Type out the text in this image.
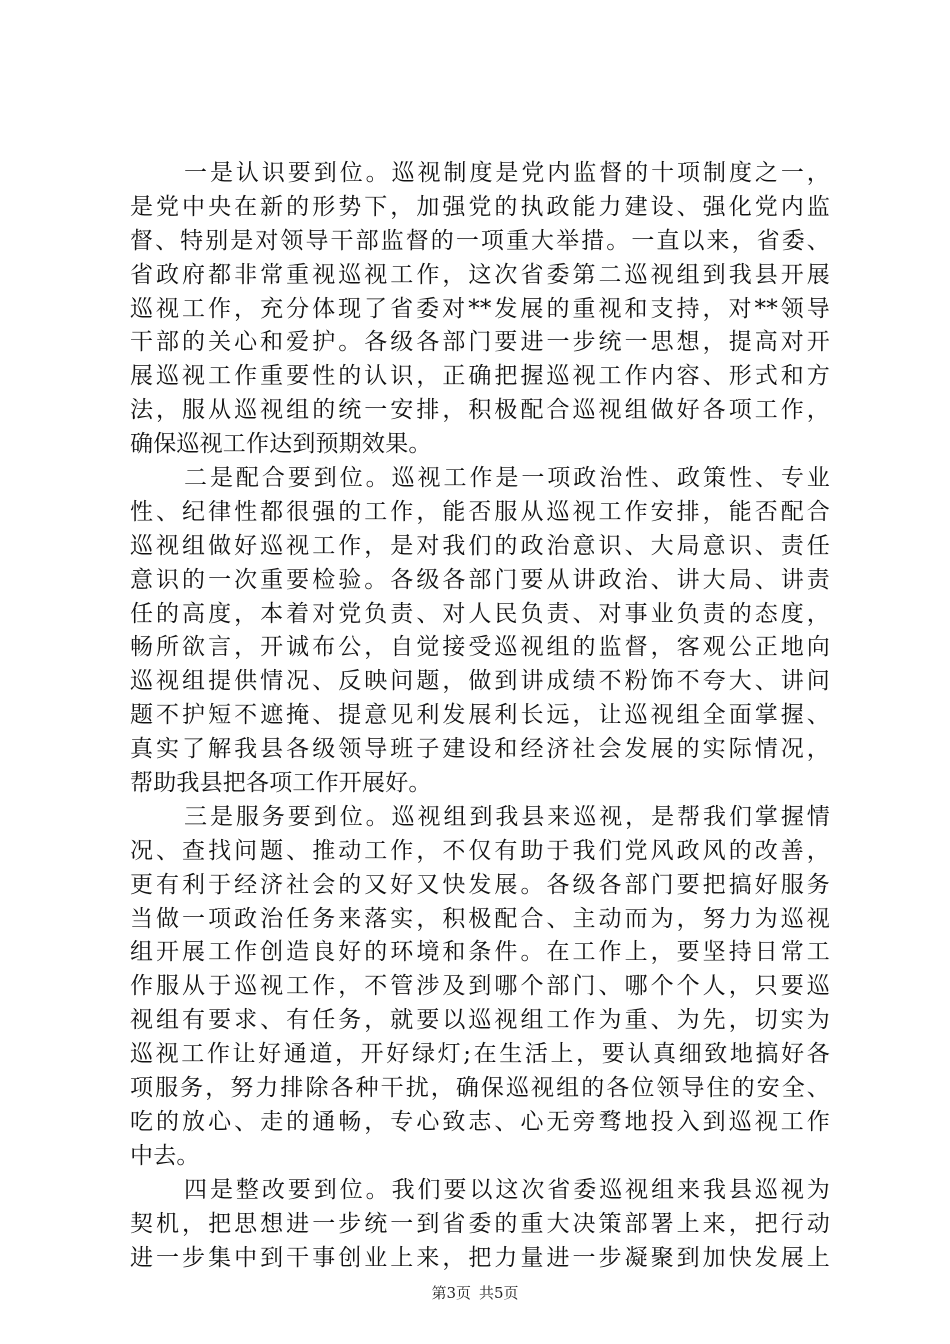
一是认识要到位。巡视制度是党内监督的十项制度之一，
是党中央在新的形势下，加强党的执政能力建设、强化党内监
督、特别是对领导干部监督的一项重大举措。一直以来，省委、
省政府都非常重视巡视工作，这次省委第二巡视组到我县开展
巡视工作，充分体现了省委对**发展的重视和支持，对**领导
干部的关心和爱护。各级各部门要进一步统一思想，提高对开
展巡视工作重要性的认识，正确把握巡视工作内容、形式和方
法，服从巡视组的统一安排，积极配合巡视组做好各项工作，
确保巡视工作达到预期效果。
二是配合要到位。巡视工作是一项政治性、政策性、专业
性、纪律性都很强的工作，能否服从巡视工作安排，能否配合
巡视组做好巡视工作，是对我们的政治意识、大局意识、责任
意识的一次重要检验。各级各部门要从讲政治、讲大局、讲责
任的高度，本着对党负责、对人民负责、对事业负责的态度，
畅所欲言，开诚布公，自觉接受巡视组的监督，客观公正地向
巡视组提供情况、反映问题，做到讲成绩不粉饰不夸大、讲问
题不护短不遮掩、提意见利发展利长远，让巡视组全面掌握、
真实了解我县各级领导班子建设和经济社会发展的实际情况，
帮助我县把各项工作开展好。
三是服务要到位。巡视组到我县来巡视，是帮我们掌握情
况、查找问题、推动工作，不仅有助于我们党风政风的改善，
更有利于经济社会的又好又快发展。各级各部门要把搞好服务
当做一项政治任务来落实，积极配合、主动而为，努力为巡视
组开展工作创造良好的环境和条件。在工作上，要坚持日常工
作服从于巡视工作，不管涉及到哪个部门、哪个个人，只要巡
视组有要求、有任务，就要以巡视组工作为重、为先，切实为
巡视工作让好通道，开好绿灯;在生活上，要认真细致地搞好各
项服务，努力排除各种干扰，确保巡视组的各位领导住的安全、
吃的放心、走的通畅，专心致志、心无旁骛地投入到巡视工作
中去。
四是整改要到位。我们要以这次省委巡视组来我县巡视为
契机，把思想进一步统一到省委的重大决策部署上来，把行动
进一步集中到干事创业上来，把力量进一步凝聚到加快发展上
第3页 共5页
